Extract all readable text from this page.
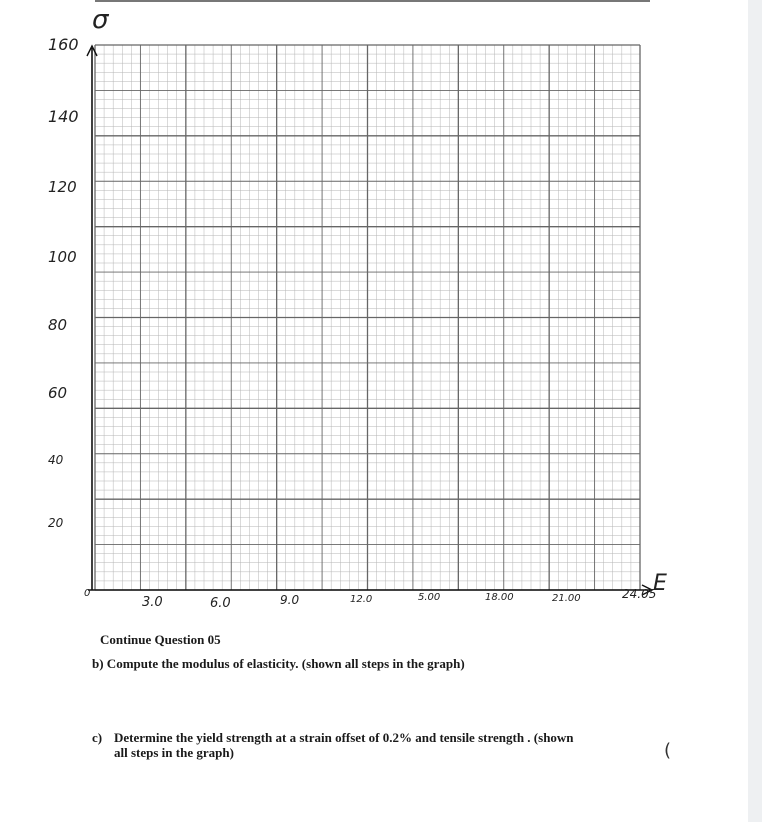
160
140
120
100
80
60
40
20
0
3.0	6.0	9.0	12.0	5.00	18.00	21.00	24.05
σ
E
Continue Question 05
b) Compute the modulus of elasticity. (shown all steps in the graph)
c) Determine the yield strength at a strain offset of 0.2% and tensile strength . (shown
all steps in the graph)	(
